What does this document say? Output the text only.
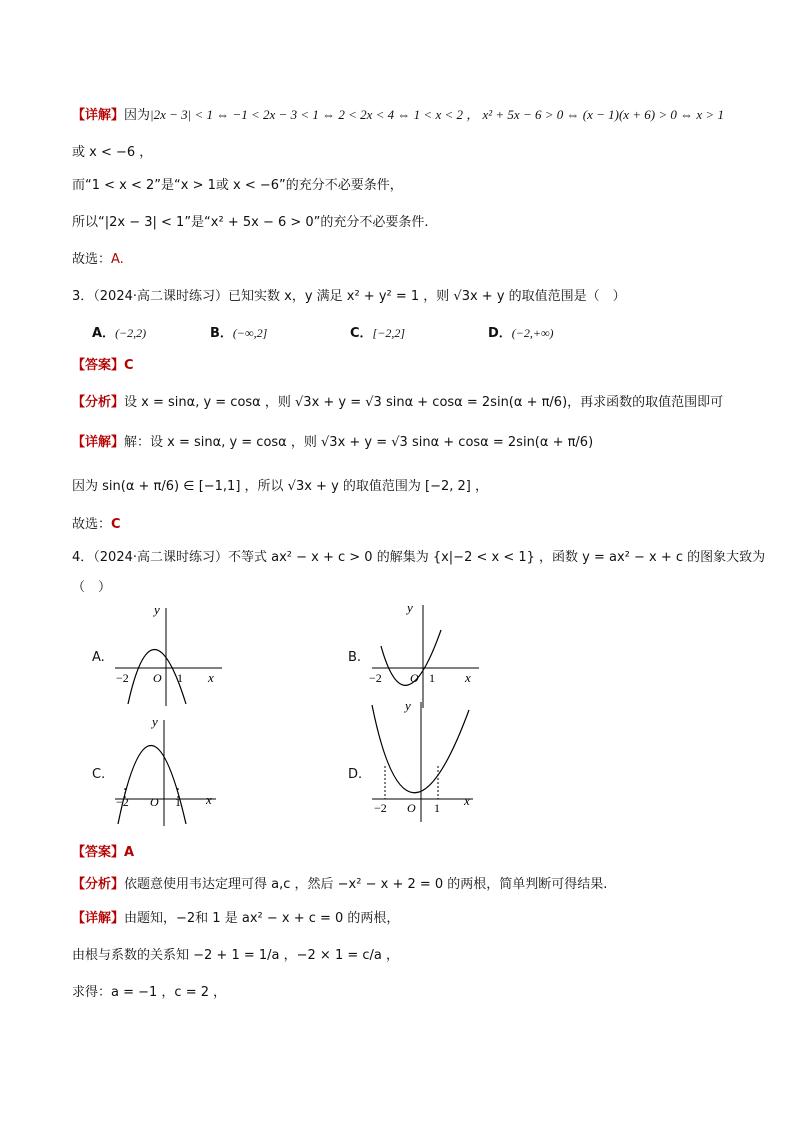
【详解】因为|2x − 3| < 1 ⇔ −1 < 2x − 3 < 1 ⇔ 2 < 2x < 4 ⇔ 1 < x < 2 ， x² + 5x − 6 > 0 ⇔ (x − 1)(x + 6) > 0 ⇔ x > 1
或 x < −6 ，
而“1 < x < 2”是“x > 1或 x < −6”的充分不必要条件，
所以“|2x − 3| < 1”是“x² + 5x − 6 > 0”的充分不必要条件.
故选：A.
3．（2024·高二课时练习）已知实数 x，y 满足 x² + y² = 1 ，则 √3x + y 的取值范围是（　）
A．(−2,2)	B．(−∞,2]	C．[−2,2]	D．(−2,+∞)
【答案】C
【分析】设 x = sinα, y = cosα ，则 √3x + y = √3 sinα + cosα = 2sin(α + π/6)，再求函数的取值范围即可
【详解】解：设 x = sinα, y = cosα ，则 √3x + y = √3 sinα + cosα = 2sin(α + π/6)
因为 sin(α + π/6) ∈ [−1,1] ，所以 √3x + y 的取值范围为 [−2, 2] ，
故选：C
4．（2024·高二课时练习）不等式 ax² − x + c > 0 的解集为 {x|−2 < x < 1} ，函数 y = ax² − x + c 的图象大致为
（　）
A.
y
x
−2 O 1
B.
y
x
−2 O 1
C.
y
x
−2 O 1
D.
y
x
−2 O 1
【答案】A
【分析】依题意使用韦达定理可得 a,c ，然后 −x² − x + 2 = 0 的两根，简单判断可得结果.
【详解】由题知，−2和 1 是 ax² − x + c = 0 的两根，
由根与系数的关系知 −2 + 1 = 1/a ，−2 × 1 = c/a ，
求得：a = −1 ，c = 2 ，
